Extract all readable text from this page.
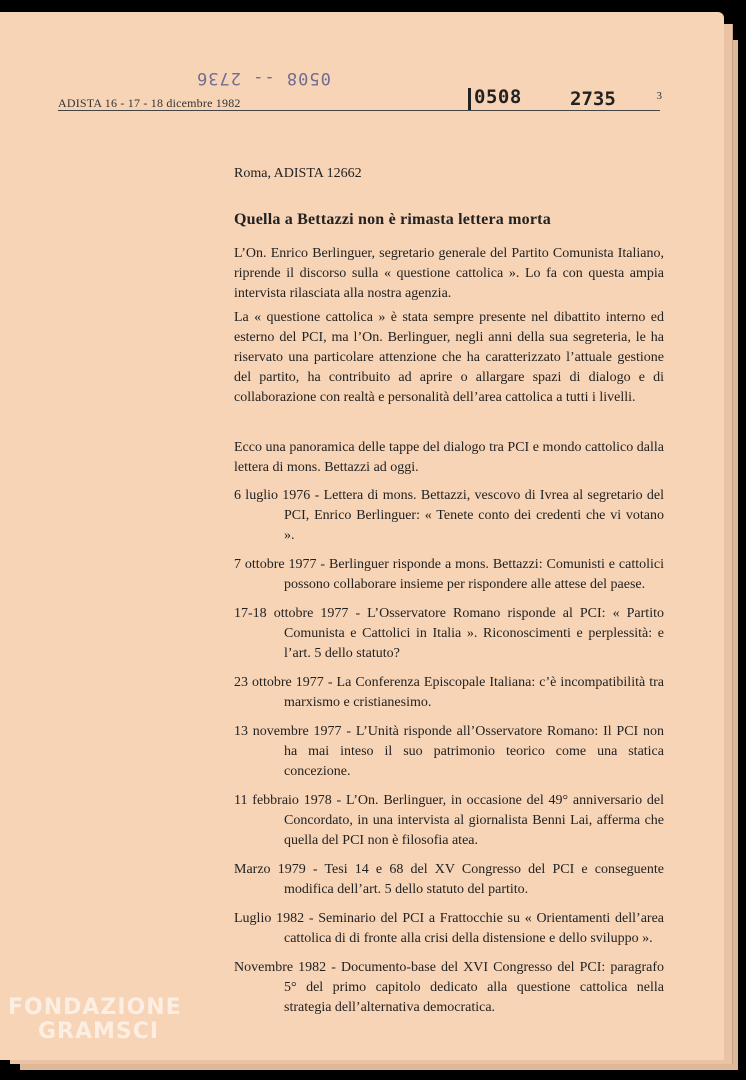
0508 -- 2736
0508	2735
ADISTA 16 - 17 - 18 dicembre 1982	3
Roma, ADISTA 12662
Quella a Bettazzi non è rimasta lettera morta

L’On. Enrico Berlinguer, segretario generale del Partito Comunista Italiano, riprende il discorso sulla « questione cattolica ». Lo fa con questa ampia intervista rilasciata alla nostra agenzia.

La « questione cattolica » è stata sempre presente nel dibattito interno ed esterno del PCI, ma l’On. Berlinguer, negli anni della sua segreteria, le ha riservato una particolare attenzione che ha caratterizzato l’attuale gestione del partito, ha contribuito ad aprire o allargare spazi di dialogo e di collaborazione con realtà e personalità dell’area cattolica a tutti i livelli.

Ecco una panoramica delle tappe del dialogo tra PCI e mondo cattolico dalla lettera di mons. Bettazzi ad oggi.

6 luglio 1976 - Lettera di mons. Bettazzi, vescovo di Ivrea al segretario del PCI, Enrico Berlinguer: « Tenete conto dei credenti che vi votano ».
7 ottobre 1977 - Berlinguer risponde a mons. Bettazzi: Comunisti e cattolici possono collaborare insieme per rispondere alle attese del paese.
17-18 ottobre 1977 - L’Osservatore Romano risponde al PCI: « Partito Comunista e Cattolici in Italia ». Riconoscimenti e perplessità: e l’art. 5 dello statuto?
23 ottobre 1977 - La Conferenza Episcopale Italiana: c’è incompatibilità tra marxismo e cristianesimo.
13 novembre 1977 - L’Unità risponde all’Osservatore Romano: Il PCI non ha mai inteso il suo patrimonio teorico come una statica concezione.
11 febbraio 1978 - L’On. Berlinguer, in occasione del 49° anniversario del Concordato, in una intervista al giornalista Benni Lai, afferma che quella del PCI non è filosofia atea.
Marzo 1979 - Tesi 14 e 68 del XV Congresso del PCI e conseguente modifica dell’art. 5 dello statuto del partito.
Luglio 1982 - Seminario del PCI a Frattocchie su « Orientamenti dell’area cattolica di di fronte alla crisi della distensione e dello sviluppo ».
Novembre 1982 - Documento-base del XVI Congresso del PCI: paragrafo 5° del primo capitolo dedicato alla questione cattolica nella strategia dell’alternativa democratica.
FONDAZIONE
GRAMSCI
